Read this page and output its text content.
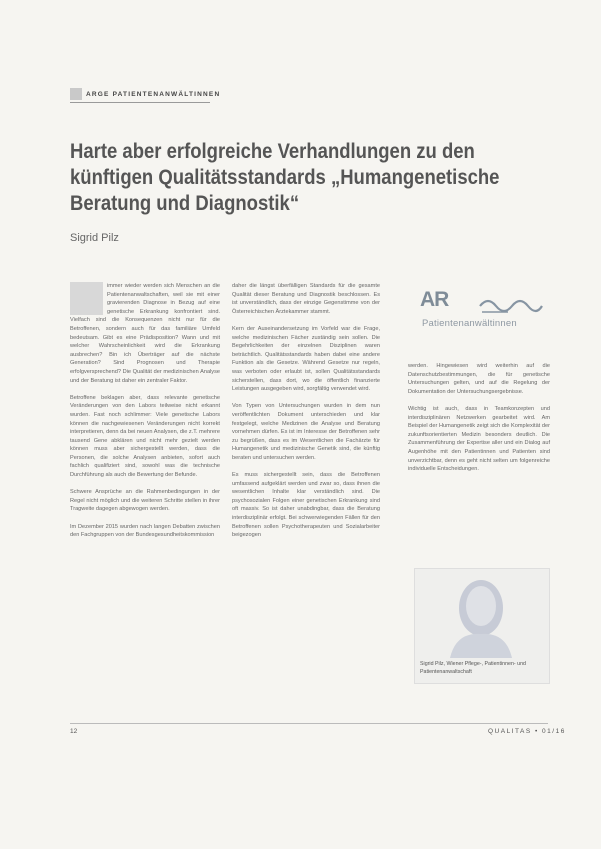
ARGE PATIENTENANWÄLTINNEN
Harte aber erfolgreiche Verhandlungen zu den
künftigen Qualitätsstandards „Humangenetische
Beratung und Diagnostik“
Sigrid Pilz
AR
Patientenanwältinnen

immer wieder werden sich Menschen an die Patientenanwaltschaften, weil sie mit einer gravierenden Diagnose in Bezug auf eine genetische Erkrankung konfrontiert sind. Vielfach sind die Konsequenzen nicht nur für die Betroffenen, sondern auch für das familiäre Umfeld bedeutsam. Gibt es eine Prädisposition? Wann und mit welcher Wahrscheinlichkeit wird die Erkrankung ausbrechen? Bin ich Überträger auf die nächste Generation? Sind Prognosen und Therapie erfolgversprechend? Die Qualität der medizinischen Analyse und der Beratung ist daher ein zentraler Faktor.

Betroffene beklagen aber, dass relevante genetische Veränderungen von den Labors teilweise nicht erkannt wurden. Fast noch schlimmer: Viele genetische Labors können die nachgewiesenen Veränderungen nicht korrekt interpretieren, denn da bei neuen Analysen, die z.T. mehrere tausend Gene abklären und nicht mehr gezielt werden können muss aber sichergestellt werden, dass die Personen, die solche Analysen anbieten, sofort auch fachlich qualifiziert sind, sowohl was die technische Durchführung als auch die Bewertung der Befunde.

Schwere Ansprüche an die Rahmenbedingungen in der Regel nicht möglich und die weiteren Schritte stellen in ihrer Tragweite dagegen abgewogen werden.

Im Dezember 2015 wurden nach langen Debatten zwischen den Fachgruppen von der Bundesgesundheitskommission

daher die längst überfälligen Standards für die gesamte Qualität dieser Beratung und Diagnostik beschlossen. Es ist unverständlich, dass der einzige Gegenstimme von der Österreichischen Ärztekammer stammt.

Kern der Auseinandersetzung im Vorfeld war die Frage, welche medizinischen Fächer zuständig sein sollen. Die Begehrlichkeiten der einzelnen Disziplinen waren beträchtlich. Qualitätsstandards haben dabei eine andere Funktion als die Gesetze. Während Gesetze nur regeln, was verboten oder erlaubt ist, sollen Qualitätsstandards sicherstellen, dass dort, wo die öffentlich finanzierte Leistungen ausgegeben wird, sorgfältig verwendet wird.

Von Typen von Untersuchungen wurden in dem nun veröffentlichten Dokument unterschieden und klar festgelegt, welche Medizinen die Analyse und Beratung vornehmen dürfen. Es ist im Interesse der Betroffenen sehr zu begrüßen, dass es im Wesentlichen die Fachärzte für Humangenetik und medizinische Genetik sind, die künftig beraten und untersuchen werden.

Es muss sichergestellt sein, dass die Betroffenen umfassend aufgeklärt werden und zwar so, dass ihnen die wesentlichen Inhalte klar verständlich sind. Die psychosozialen Folgen einer genetischen Erkrankung sind oft massiv. So ist daher unabdingbar, dass die Beratung interdisziplinär erfolgt. Bei schwerwiegenden Fällen für den Betroffenen sollen Psychotherapeuten und Sozialarbeiter beigezogen

werden. Hingewiesen wird weiterhin auf die Datenschutzbestimmungen, die für genetische Untersuchungen gelten, und auf die Regelung der Dokumentation der Untersuchungsergebnisse.

Wichtig ist auch, dass in Teamkonzepten und interdisziplinären Netzwerken gearbeitet wird. Am Beispiel der Humangenetik zeigt sich die Komplexität der zukunftsorientierten Medizin besonders deutlich. Die Zusammenführung der Expertise aller und ein Dialog auf Augenhöhe mit den Patientinnen und Patienten sind unverzichtbar, denn es geht nicht selten um folgenreiche individuelle Entscheidungen.

Sigrid Pilz, Wiener Pflege-, Patientinnen- und Patientenanwaltschaft
12	QUALITAS • 01/16
